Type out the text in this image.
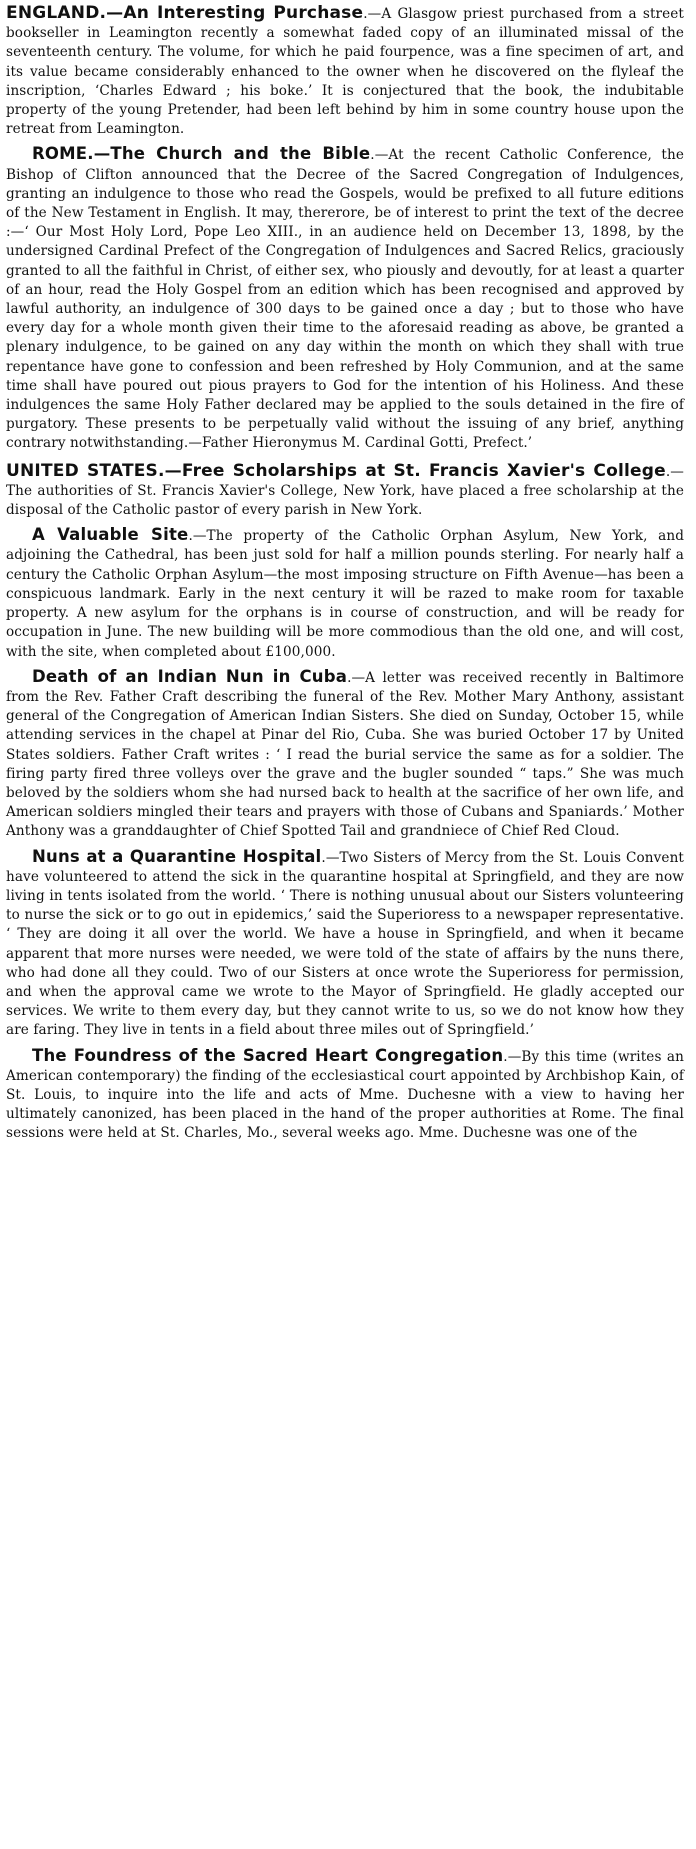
ENGLAND.—An Interesting Purchase.—A Glasgow priest purchased from a street bookseller in Leamington recently a somewhat faded copy of an illuminated missal of the seventeenth century. The volume, for which he paid fourpence, was a fine specimen of art, and its value became considerably enhanced to the owner when he discovered on the flyleaf the inscription, ‘Charles Edward ; his boke.’ It is conjectured that the book, the indubitable property of the young Pretender, had been left behind by him in some country house upon the retreat from Leamington.

ROME.—The Church and the Bible.—At the recent Catholic Conference, the Bishop of Clifton announced that the Decree of the Sacred Congregation of Indulgences, granting an indulgence to those who read the Gospels, would be prefixed to all future editions of the New Testament in English. It may, thererore, be of interest to print the text of the decree :—‘ Our Most Holy Lord, Pope Leo XIII., in an audience held on December 13, 1898, by the undersigned Cardinal Prefect of the Congregation of Indulgences and Sacred Relics, graciously granted to all the faithful in Christ, of either sex, who piously and devoutly, for at least a quarter of an hour, read the Holy Gospel from an edition which has been recognised and approved by lawful authority, an indulgence of 300 days to be gained once a day ; but to those who have every day for a whole month given their time to the aforesaid reading as above, be granted a plenary indulgence, to be gained on any day within the month on which they shall with true repentance have gone to confession and been refreshed by Holy Communion, and at the same time shall have poured out pious prayers to God for the intention of his Holiness. And these indulgences the same Holy Father declared may be applied to the souls detained in the fire of purgatory. These presents to be perpetually valid without the issuing of any brief, anything contrary notwithstanding.—Father Hieronymus M. Cardinal Gotti, Prefect.’

UNITED STATES.—Free Scholarships at St. Francis Xavier's College.—The authorities of St. Francis Xavier's College, New York, have placed a free scholarship at the disposal of the Catholic pastor of every parish in New York.

A Valuable Site.—The property of the Catholic Orphan Asylum, New York, and adjoining the Cathedral, has been just sold for half a million pounds sterling. For nearly half a century the Catholic Orphan Asylum—the most imposing structure on Fifth Avenue—has been a conspicuous landmark. Early in the next century it will be razed to make room for taxable property. A new asylum for the orphans is in course of construction, and will be ready for occupation in June. The new building will be more commodious than the old one, and will cost, with the site, when completed about £100,000.

Death of an Indian Nun in Cuba.—A letter was received recently in Baltimore from the Rev. Father Craft describing the funeral of the Rev. Mother Mary Anthony, assistant general of the Congregation of American Indian Sisters. She died on Sunday, October 15, while attending services in the chapel at Pinar del Rio, Cuba. She was buried October 17 by United States soldiers. Father Craft writes : ‘ I read the burial service the same as for a soldier. The firing party fired three volleys over the grave and the bugler sounded “ taps.” She was much beloved by the soldiers whom she had nursed back to health at the sacrifice of her own life, and American soldiers mingled their tears and prayers with those of Cubans and Spaniards.’ Mother Anthony was a granddaughter of Chief Spotted Tail and grandniece of Chief Red Cloud.

Nuns at a Quarantine Hospital.—Two Sisters of Mercy from the St. Louis Convent have volunteered to attend the sick in the quarantine hospital at Springfield, and they are now living in tents isolated from the world. ‘ There is nothing unusual about our Sisters volunteering to nurse the sick or to go out in epidemics,’ said the Superioress to a newspaper representative. ‘ They are doing it all over the world. We have a house in Springfield, and when it became apparent that more nurses were needed, we were told of the state of affairs by the nuns there, who had done all they could. Two of our Sisters at once wrote the Superioress for permission, and when the approval came we wrote to the Mayor of Springfield. He gladly accepted our services. We write to them every day, but they cannot write to us, so we do not know how they are faring. They live in tents in a field about three miles out of Springfield.’

The Foundress of the Sacred Heart Congregation.—By this time (writes an American contemporary) the finding of the ecclesiastical court appointed by Archbishop Kain, of St. Louis, to inquire into the life and acts of Mme. Duchesne with a view to having her ultimately canonized, has been placed in the hand of the proper authorities at Rome. The final sessions were held at St. Charles, Mo., several weeks ago. Mme. Duchesne was one of the
